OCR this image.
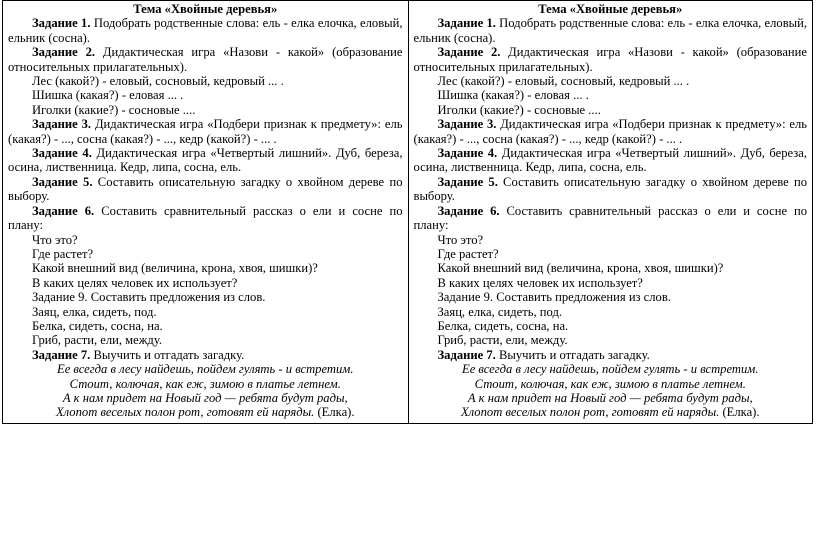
Тема «Хвойные деревья»

Задание 1. Подобрать родственные слова: ель - елка елочка, еловый, ельник (сосна).

Задание 2. Дидактическая игра «Назови - какой» (образование относительных прилагательных).

Лес (какой?) - еловый, сосновый, кедровый ... .
Шишка (какая?) - еловая ... .
Иголки (какие?) - сосновые ....

Задание 3. Дидактическая игра «Подбери признак к предмету»: ель (какая?) - ..., сосна (какая?) - ..., кедр (какой?) - ... .

Задание 4. Дидактическая игра «Четвертый лишний». Дуб, береза, осина, лиственница. Кедр, липа, сосна, ель.

Задание 5. Составить описательную загадку о хвойном дереве по выбору.

Задание 6. Составить сравнительный рассказ о ели и сосне по плану:

Что это?
Где растет?
Какой внешний вид (величина, крона, хвоя, шишки)?
В каких целях человек их использует?
Задание 9. Составить предложения из слов.
Заяц, елка, сидеть, под.
Белка, сидеть, сосна, на.
Гриб, расти, ели, между.
Задание 7. Выучить и отгадать загадку.
Ее всегда в лесу найдешь, пойдем гулять - и встретим.
Стоит, колючая, как еж, зимою в платье летнем.
А к нам придет на Новый год — ребята будут рады,
Хлопот веселых полон рот, готовят ей наряды. (Елка).
Тема «Хвойные деревья»

Задание 1. Подобрать родственные слова: ель - елка елочка, еловый, ельник (сосна).

Задание 2. Дидактическая игра «Назови - какой» (образование относительных прилагательных).

Лес (какой?) - еловый, сосновый, кедровый ... .
Шишка (какая?) - еловая ... .
Иголки (какие?) - сосновые ....

Задание 3. Дидактическая игра «Подбери признак к предмету»: ель (какая?) - ..., сосна (какая?) - ..., кедр (какой?) - ... .

Задание 4. Дидактическая игра «Четвертый лишний». Дуб, береза, осина, лиственница. Кедр, липа, сосна, ель.

Задание 5. Составить описательную загадку о хвойном дереве по выбору.

Задание 6. Составить сравнительный рассказ о ели и сосне по плану:

Что это?
Где растет?
Какой внешний вид (величина, крона, хвоя, шишки)?
В каких целях человек их использует?
Задание 9. Составить предложения из слов.
Заяц, елка, сидеть, под.
Белка, сидеть, сосна, на.
Гриб, расти, ели, между.
Задание 7. Выучить и отгадать загадку.
Ее всегда в лесу найдешь, пойдем гулять - и встретим.
Стоит, колючая, как еж, зимою в платье летнем.
А к нам придет на Новый год — ребята будут рады,
Хлопот веселых полон рот, готовят ей наряды. (Елка).
